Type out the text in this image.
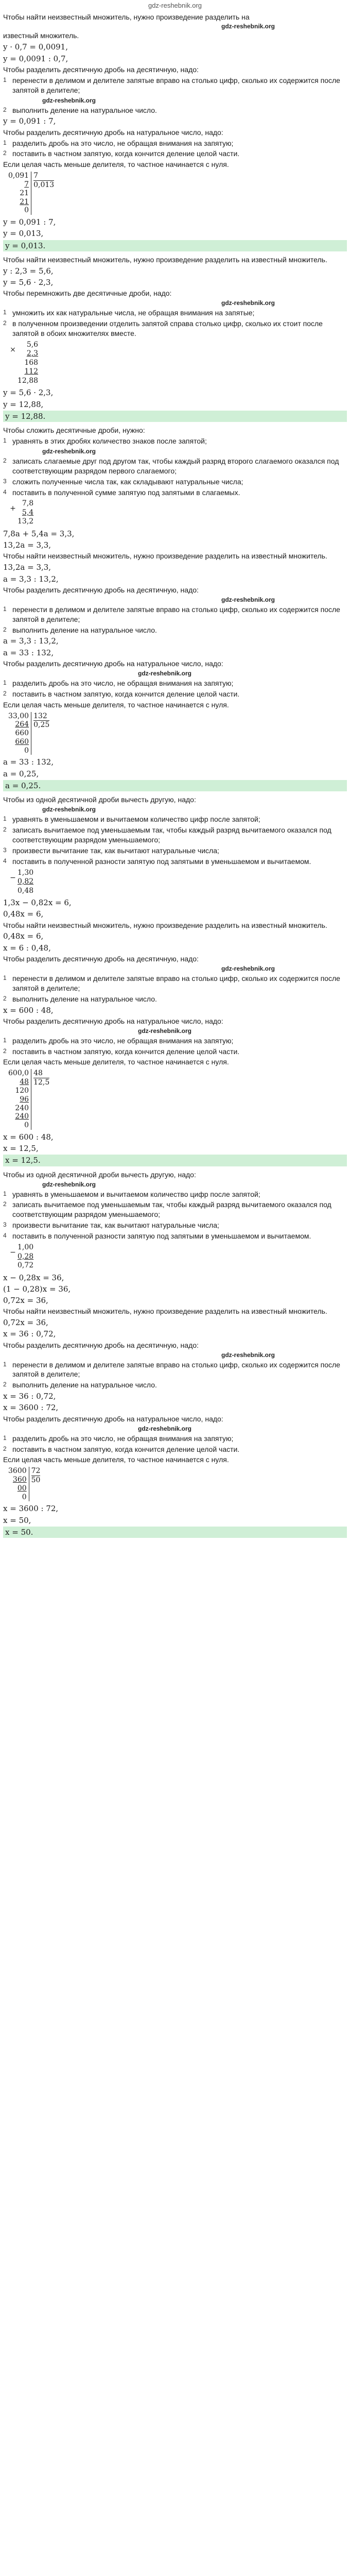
gdz-reshebnik.org
Чтобы найти неизвестный множитель, нужно произведение разделить на
gdz-reshebnik.org
известный множитель.
y · 0,7 = 0,0091,
y = 0,0091 : 0,7,
Чтобы разделить десятичную дробь на десятичную, надо:
1 перенести в делимом и делителе запятые вправо на столько цифр, сколько их содержится после запятой в делителе;
gdz-reshebnik.org
2 выполнить деление на натуральное число.
y = 0,091 : 7,
Чтобы разделить десятичную дробь на натуральное число, надо:
1 разделить дробь на это число, не обращая внимания на запятую;
2 поставить в частном запятую, когда кончится деление целой части.
Если целая часть меньше делителя, то частное начинается с нуля.
0,091
7
21
21
0
7
0,013
y = 0,091 : 7,
y = 0,013,
y = 0,013.
Чтобы найти неизвестный множитель, нужно произведение разделить на известный множитель.
y : 2,3 = 5,6,
y = 5,6 · 2,3,
Чтобы перемножить две десятичные дроби, надо:
gdz-reshebnik.org
1 умножить их как натуральные числа, не обращая внимания на запятые;
2 в полученном произведении отделить запятой справа столько цифр, сколько их стоит после запятой в обоих множителях вместе.
×
5,6
2,3
168
112
12,88
y = 5,6 · 2,3,
y = 12,88,
y = 12,88.
Чтобы сложить десятичные дроби, нужно:
1 уравнять в этих дробях количество знаков после запятой;
gdz-reshebnik.org
2 записать слагаемые друг под другом так, чтобы каждый разряд второго слагаемого оказался под соответствующим разрядом первого слагаемого;
3 сложить полученные числа так, как складывают натуральные числа;
4 поставить в полученной сумме запятую под запятыми в слагаемых.
+
7,8
5,4
13,2
7,8a + 5,4a = 3,3,
13,2a = 3,3,
Чтобы найти неизвестный множитель, нужно произведение разделить на известный множитель.
13,2a = 3,3,
a = 3,3 : 13,2,
Чтобы разделить десятичную дробь на десятичную, надо:
gdz-reshebnik.org
1 перенести в делимом и делителе запятые вправо на столько цифр, сколько их содержится после запятой в делителе;
2 выполнить деление на натуральное число.
a = 3,3 : 13,2,
a = 33 : 132,
Чтобы разделить десятичную дробь на натуральное число, надо:
gdz-reshebnik.org
1 разделить дробь на это число, не обращая внимания на запятую;
2 поставить в частном запятую, когда кончится деление целой части.
Если целая часть меньше делителя, то частное начинается с нуля.
33,00
264
660
660
0
132
0,25
a = 33 : 132,
a = 0,25,
a = 0,25.
Чтобы из одной десятичной дроби вычесть другую, надо:
gdz-reshebnik.org
1 уравнять в уменьшаемом и вычитаемом количество цифр после запятой;
2 записать вычитаемое под уменьшаемым так, чтобы каждый разряд вычитаемого оказался под соответствующим разрядом уменьшаемого;
3 произвести вычитание так, как вычитают натуральные числа;
4 поставить в полученной разности запятую под запятыми в уменьшаемом и вычитаемом.
−
1,30
0,82
0,48
1,3x − 0,82x = 6,
0,48x = 6,
Чтобы найти неизвестный множитель, нужно произведение разделить на известный множитель.
0,48x = 6,
x = 6 : 0,48,
Чтобы разделить десятичную дробь на десятичную, надо:
gdz-reshebnik.org
1 перенести в делимом и делителе запятые вправо на столько цифр, сколько их содержится после запятой в делителе;
2 выполнить деление на натуральное число.
x = 600 : 48,
Чтобы разделить десятичную дробь на натуральное число, надо:
gdz-reshebnik.org
1 разделить дробь на это число, не обращая внимания на запятую;
2 поставить в частном запятую, когда кончится деление целой части.
Если целая часть меньше делителя, то частное начинается с нуля.
600,0
48
120
96
240
240
0
48
12,5
x = 600 : 48,
x = 12,5,
x = 12,5.
Чтобы из одной десятичной дроби вычесть другую, надо:
gdz-reshebnik.org
1 уравнять в уменьшаемом и вычитаемом количество цифр после запятой;
2 записать вычитаемое под уменьшаемым так, чтобы каждый разряд вычитаемого оказался под соответствующим разрядом уменьшаемого;
3 произвести вычитание так, как вычитают натуральные числа;
4 поставить в полученной разности запятую под запятыми в уменьшаемом и вычитаемом.
−
1,00
0,28
0,72
x − 0,28x = 36,
(1 − 0,28)x = 36,
0,72x = 36,
Чтобы найти неизвестный множитель, нужно произведение разделить на известный множитель.
0,72x = 36,
x = 36 : 0,72,
Чтобы разделить десятичную дробь на десятичную, надо:
gdz-reshebnik.org
1 перенести в делимом и делителе запятые вправо на столько цифр, сколько их содержится после запятой в делителе;
2 выполнить деление на натуральное число.
x = 36 : 0,72,
x = 3600 : 72,
Чтобы разделить десятичную дробь на натуральное число, надо:
gdz-reshebnik.org
1 разделить дробь на это число, не обращая внимания на запятую;
2 поставить в частном запятую, когда кончится деление целой части.
Если целая часть меньше делителя, то частное начинается с нуля.
3600
360
00
0
72
50
x = 3600 : 72,
x = 50,
x = 50.
